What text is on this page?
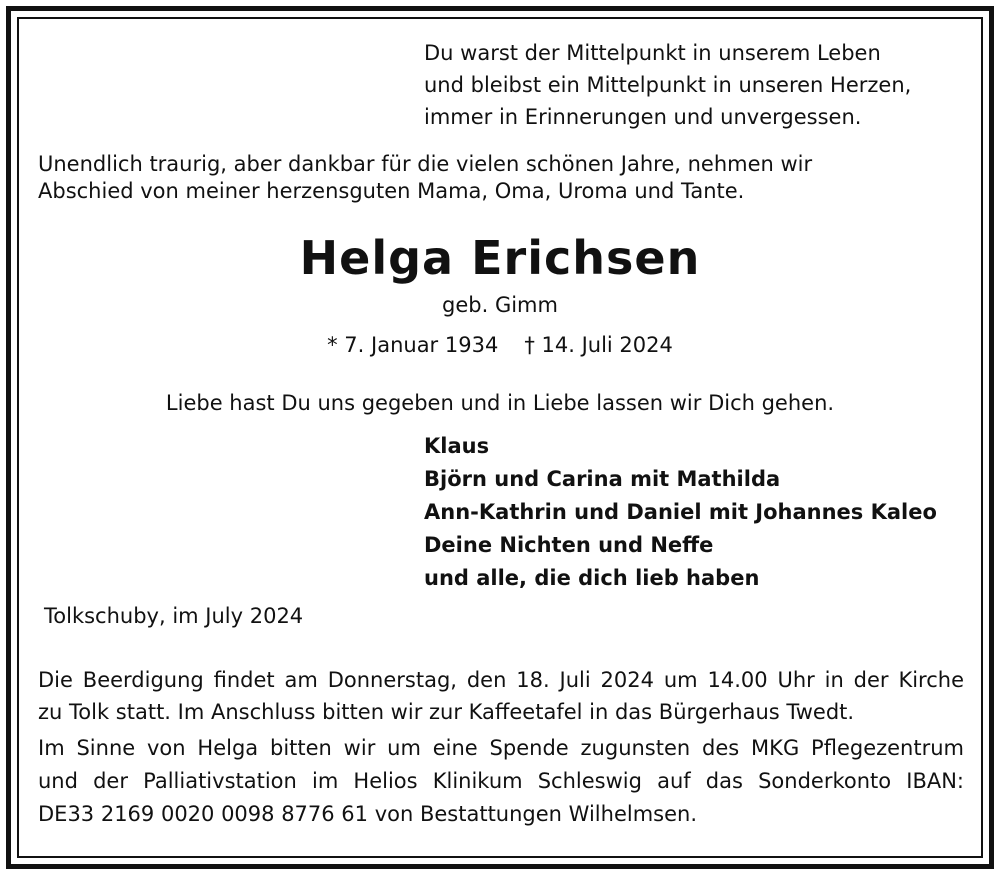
Du warst der Mittelpunkt in unserem Leben

und bleibst ein Mittelpunkt in unseren Herzen,

immer in Erinnerungen und unvergessen.

Unendlich traurig, aber dankbar für die vielen schönen Jahre, nehmen wir

Abschied von meiner herzensguten Mama, Oma, Uroma und Tante.

Helga Erichsen

geb. Gimm

* 7. Januar 1934 † 14. Juli 2024

Liebe hast Du uns gegeben und in Liebe lassen wir Dich gehen.

Klaus

Björn und Carina mit Mathilda

Ann-Kathrin und Daniel mit Johannes Kaleo

Deine Nichten und Neffe

und alle, die dich lieb haben

Tolkschuby, im July 2024

Die Beerdigung findet am Donnerstag, den 18. Juli 2024 um 14.00 Uhr in der Kirche

zu Tolk statt. Im Anschluss bitten wir zur Kaffeetafel in das Bürgerhaus Twedt.

Im Sinne von Helga bitten wir um eine Spende zugunsten des MKG Pflegezentrum

und der Palliativstation im Helios Klinikum Schleswig auf das Sonderkonto IBAN:

DE33 2169 0020 0098 8776 61 von Bestattungen Wilhelmsen.
